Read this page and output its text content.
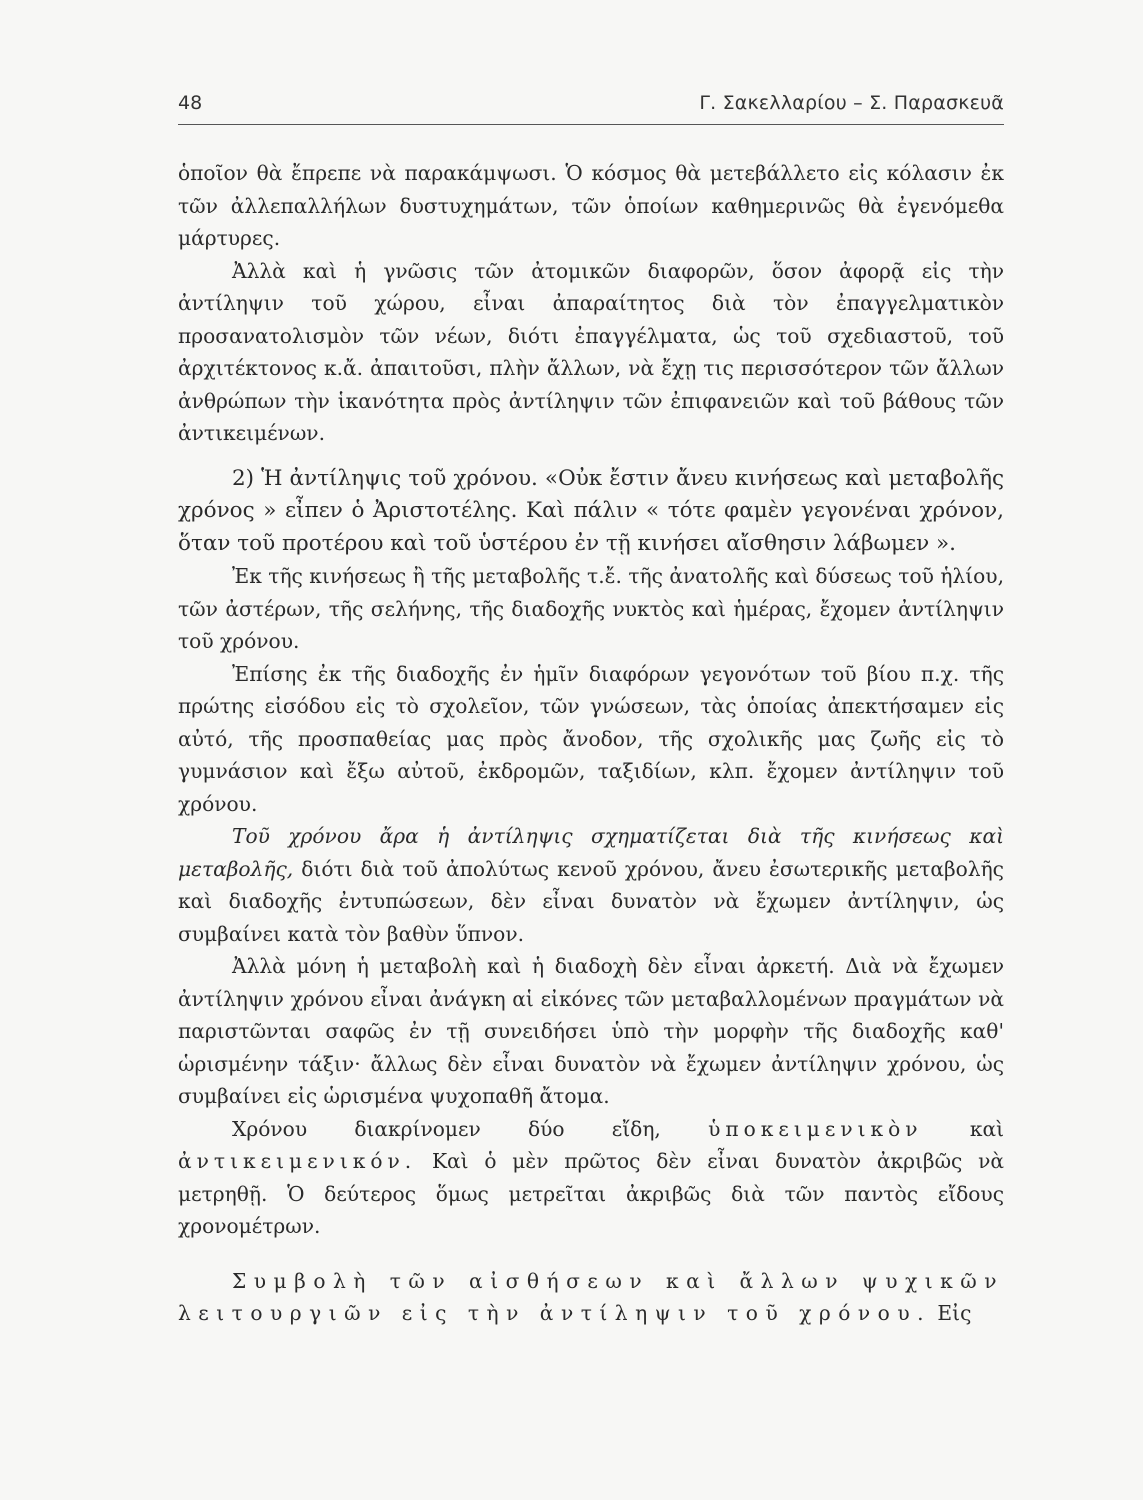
48	Γ. Σακελλαρίου – Σ. Παρασκευᾶ

ὁποῖον θὰ ἔπρεπε νὰ παρακάμψωσι. Ὁ κόσμος θὰ μετεβάλλετο εἰς κόλασιν ἐκ τῶν ἀλλεπαλλήλων δυστυχημάτων, τῶν ὁποίων καθημερινῶς θὰ ἐγενόμεθα μάρτυρες.

Ἀλλὰ καὶ ἡ γνῶσις τῶν ἀτομικῶν διαφορῶν, ὅσον ἀφορᾷ εἰς τὴν ἀντίληψιν τοῦ χώρου, εἶναι ἀπαραίτητος διὰ τὸν ἐπαγγελματικὸν προσανατολισμὸν τῶν νέων, διότι ἐπαγγέλματα, ὡς τοῦ σχεδιαστοῦ, τοῦ ἀρχιτέκτονος κ.ἄ. ἀπαιτοῦσι, πλὴν ἄλλων, νὰ ἔχῃ τις περισσότερον τῶν ἄλλων ἀνθρώπων τὴν ἱκανότητα πρὸς ἀντίληψιν τῶν ἐπιφανειῶν καὶ τοῦ βάθους τῶν ἀντικειμένων.

2) Ἡ ἀντίληψις τοῦ χρόνου. «Οὐκ ἔστιν ἄνευ κινήσεως καὶ μεταβολῆς χρόνος » εἶπεν ὁ Ἀριστοτέλης. Καὶ πάλιν « τότε φαμὲν γεγονέναι χρόνον, ὅταν τοῦ προτέρου καὶ τοῦ ὑστέρου ἐν τῇ κινήσει αἴσθησιν λάβωμεν ».

Ἐκ τῆς κινήσεως ἢ τῆς μεταβολῆς τ.ἔ. τῆς ἀνατολῆς καὶ δύσεως τοῦ ἡλίου, τῶν ἀστέρων, τῆς σελήνης, τῆς διαδοχῆς νυκτὸς καὶ ἡμέρας, ἔχομεν ἀντίληψιν τοῦ χρόνου.

Ἐπίσης ἐκ τῆς διαδοχῆς ἐν ἡμῖν διαφόρων γεγονότων τοῦ βίου π.χ. τῆς πρώτης εἰσόδου εἰς τὸ σχολεῖον, τῶν γνώσεων, τὰς ὁποίας ἀπεκτήσαμεν εἰς αὐτό, τῆς προσπαθείας μας πρὸς ἄνοδον, τῆς σχολικῆς μας ζωῆς εἰς τὸ γυμνάσιον καὶ ἔξω αὐτοῦ, ἐκδρομῶν, ταξιδίων, κλπ. ἔχομεν ἀντίληψιν τοῦ χρόνου.

Τοῦ χρόνου ἄρα ἡ ἀντίληψις σχηματίζεται διὰ τῆς κινήσεως καὶ μεταβολῆς, διότι διὰ τοῦ ἀπολύτως κενοῦ χρόνου, ἄνευ ἐσωτερικῆς μεταβολῆς καὶ διαδοχῆς ἐντυπώσεων, δὲν εἶναι δυνατὸν νὰ ἔχωμεν ἀντίληψιν, ὡς συμβαίνει κατὰ τὸν βαθὺν ὕπνον.

Ἀλλὰ μόνη ἡ μεταβολὴ καὶ ἡ διαδοχὴ δὲν εἶναι ἀρκετή. Διὰ νὰ ἔχωμεν ἀντίληψιν χρόνου εἶναι ἀνάγκη αἱ εἰκόνες τῶν μεταβαλλομένων πραγμάτων νὰ παριστῶνται σαφῶς ἐν τῇ συνειδήσει ὑπὸ τὴν μορφὴν τῆς διαδοχῆς καθ' ὡρισμένην τάξιν· ἄλλως δὲν εἶναι δυνατὸν νὰ ἔχωμεν ἀντίληψιν χρόνου, ὡς συμβαίνει εἰς ὡρισμένα ψυχοπαθῆ ἄτομα.

Χρόνου διακρίνομεν δύο εἴδη, ὑποκειμενικὸν καὶ ἀντικειμενικόν. Καὶ ὁ μὲν πρῶτος δὲν εἶναι δυνατὸν ἀκριβῶς νὰ μετρηθῇ. Ὁ δεύτερος ὅμως μετρεῖται ἀκριβῶς διὰ τῶν παντὸς εἴδους χρονομέτρων.

Συμβολὴ τῶν αἰσθήσεων καὶ ἄλλων ψυχικῶν λειτουργιῶν εἰς τὴν ἀντίληψιν τοῦ χρόνου. Εἰς
